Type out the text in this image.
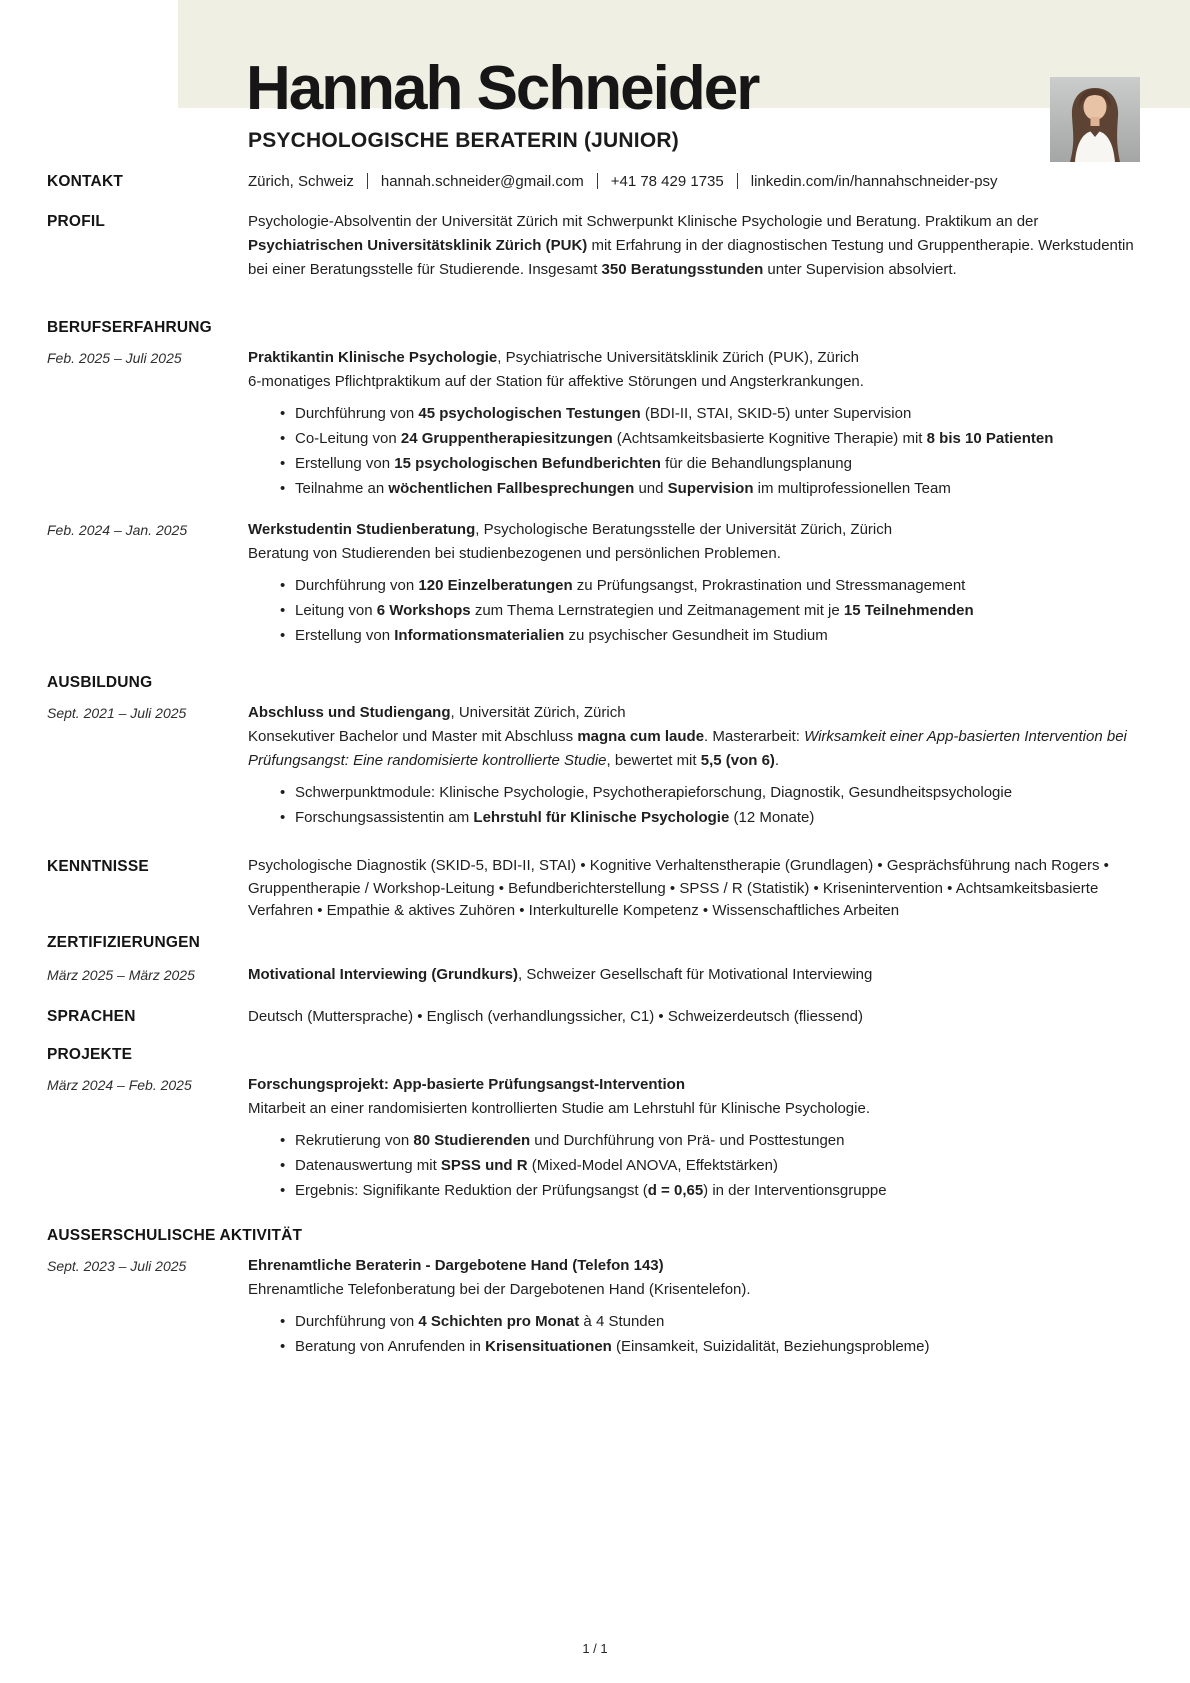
Hannah Schneider
PSYCHOLOGISCHE BERATERIN (JUNIOR)
KONTAKT	Zürich, Schweiz hannah.schneider@gmail.com +41 78 429 1735 linkedin.com/in/hannahschneider-psy
PROFIL	Psychologie-Absolventin der Universität Zürich mit Schwerpunkt Klinische Psychologie und Beratung. Praktikum an der Psychiatrischen Universitätsklinik Zürich (PUK) mit Erfahrung in der diagnostischen Testung und Gruppentherapie. Werkstudentin bei einer Beratungsstelle für Studierende. Insgesamt 350 Beratungsstunden unter Supervision absolviert.
BERUFSERFAHRUNG
Feb. 2025 – Juli 2025	Praktikantin Klinische Psychologie, Psychiatrische Universitätsklinik Zürich (PUK), Zürich
6-monatiges Pflichtpraktikum auf der Station für affektive Störungen und Angsterkrankungen.
• Durchführung von 45 psychologischen Testungen (BDI-II, STAI, SKID-5) unter Supervision
• Co-Leitung von 24 Gruppentherapiesitzungen (Achtsamkeitsbasierte Kognitive Therapie) mit 8 bis 10 Patienten
• Erstellung von 15 psychologischen Befundberichten für die Behandlungsplanung
• Teilnahme an wöchentlichen Fallbesprechungen und Supervision im multiprofessionellen Team
Feb. 2024 – Jan. 2025	Werkstudentin Studienberatung, Psychologische Beratungsstelle der Universität Zürich, Zürich
Beratung von Studierenden bei studienbezogenen und persönlichen Problemen.
• Durchführung von 120 Einzelberatungen zu Prüfungsangst, Prokrastination und Stressmanagement
• Leitung von 6 Workshops zum Thema Lernstrategien und Zeitmanagement mit je 15 Teilnehmenden
• Erstellung von Informationsmaterialien zu psychischer Gesundheit im Studium
AUSBILDUNG
Sept. 2021 – Juli 2025	Abschluss und Studiengang, Universität Zürich, Zürich
Konsekutiver Bachelor und Master mit Abschluss magna cum laude. Masterarbeit: Wirksamkeit einer App-basierten Intervention bei Prüfungsangst: Eine randomisierte kontrollierte Studie, bewertet mit 5,5 (von 6).
• Schwerpunktmodule: Klinische Psychologie, Psychotherapieforschung, Diagnostik, Gesundheitspsychologie
• Forschungsassistentin am Lehrstuhl für Klinische Psychologie (12 Monate)
KENNTNISSE	Psychologische Diagnostik (SKID-5, BDI-II, STAI) • Kognitive Verhaltenstherapie (Grundlagen) • Gesprächsführung nach Rogers • Gruppentherapie / Workshop-Leitung • Befundberichterstellung • SPSS / R (Statistik) • Krisenintervention • Achtsamkeitsbasierte Verfahren • Empathie & aktives Zuhören • Interkulturelle Kompetenz • Wissenschaftliches Arbeiten
ZERTIFIZIERUNGEN
März 2025 – März 2025	Motivational Interviewing (Grundkurs), Schweizer Gesellschaft für Motivational Interviewing
SPRACHEN	Deutsch (Muttersprache) • Englisch (verhandlungssicher, C1) • Schweizerdeutsch (fliessend)
PROJEKTE
März 2024 – Feb. 2025	Forschungsprojekt: App-basierte Prüfungsangst-Intervention
Mitarbeit an einer randomisierten kontrollierten Studie am Lehrstuhl für Klinische Psychologie.
• Rekrutierung von 80 Studierenden und Durchführung von Prä- und Posttestungen
• Datenauswertung mit SPSS und R (Mixed-Model ANOVA, Effektstärken)
• Ergebnis: Signifikante Reduktion der Prüfungsangst (d = 0,65) in der Interventionsgruppe
AUSSERSCHULISCHE AKTIVITÄT
Sept. 2023 – Juli 2025	Ehrenamtliche Beraterin - Dargebotene Hand (Telefon 143)
Ehrenamtliche Telefonberatung bei der Dargebotenen Hand (Krisentelefon).
• Durchführung von 4 Schichten pro Monat à 4 Stunden
• Beratung von Anrufenden in Krisensituationen (Einsamkeit, Suizidalität, Beziehungsprobleme)
1 / 1
